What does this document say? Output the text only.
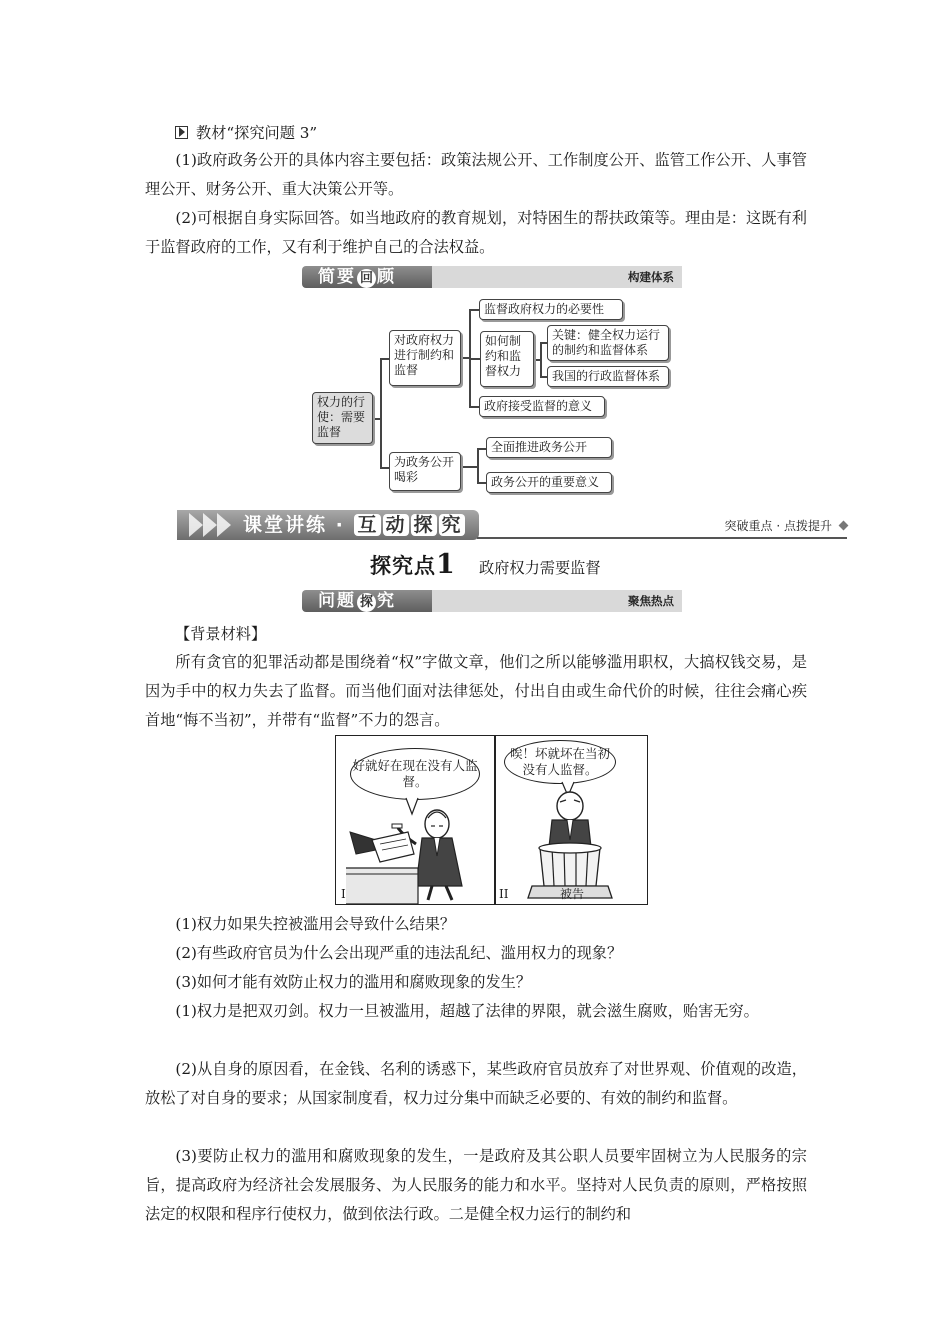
教材“探究问题 3”

(1)政府政务公开的具体内容主要包括：政策法规公开、工作制度公开、监管工作公开、人事管理公开、财务公开、重大决策公开等。

(2)可根据自身实际回答。如当地政府的教育规划，对特困生的帮扶政策等。理由是：这既有利于监督政府的工作，又有利于维护自己的合法权益。

简要 回 顾	构建体系
权力的行使：需要监督
对政府权力进行制约和监督
监督政府权力的必要性
如何制约和监督权力
关键：健全权力运行的制约和监督体系
我国的行政监督体系
政府接受监督的意义
为政务公开喝彩
全面推进政务公开
政务公开的重要意义
课堂讲练 · 互 动 探 究	突破重点 · 点拨提升
探究点1 政府权力需要监督
问题 探 究	聚焦热点

【背景材料】

所有贪官的犯罪活动都是围绕着“权”字做文章，他们之所以能够滥用职权，大搞权钱交易，是因为手中的权力失去了监督。而当他们面对法律惩处，付出自由或生命代价的时候，往往会痛心疾首地“悔不当初”，并带有“监督”不力的怨言。

好就好在现在没有人监督。
I
唉！坏就坏在当初没有人监督。
II	被告

(1)权力如果失控被滥用会导致什么结果？

(2)有些政府官员为什么会出现严重的违法乱纪、滥用权力的现象？

(3)如何才能有效防止权力的滥用和腐败现象的发生？

(1)权力是把双刃剑。权力一旦被滥用，超越了法律的界限，就会滋生腐败，贻害无穷。

(2)从自身的原因看，在金钱、名利的诱惑下，某些政府官员放弃了对世界观、价值观的改造，放松了对自身的要求；从国家制度看，权力过分集中而缺乏必要的、有效的制约和监督。

(3)要防止权力的滥用和腐败现象的发生，一是政府及其公职人员要牢固树立为人民服务的宗旨，提高政府为经济社会发展服务、为人民服务的能力和水平。坚持对人民负责的原则，严格按照法定的权限和程序行使权力，做到依法行政。二是健全权力运行的制约和
